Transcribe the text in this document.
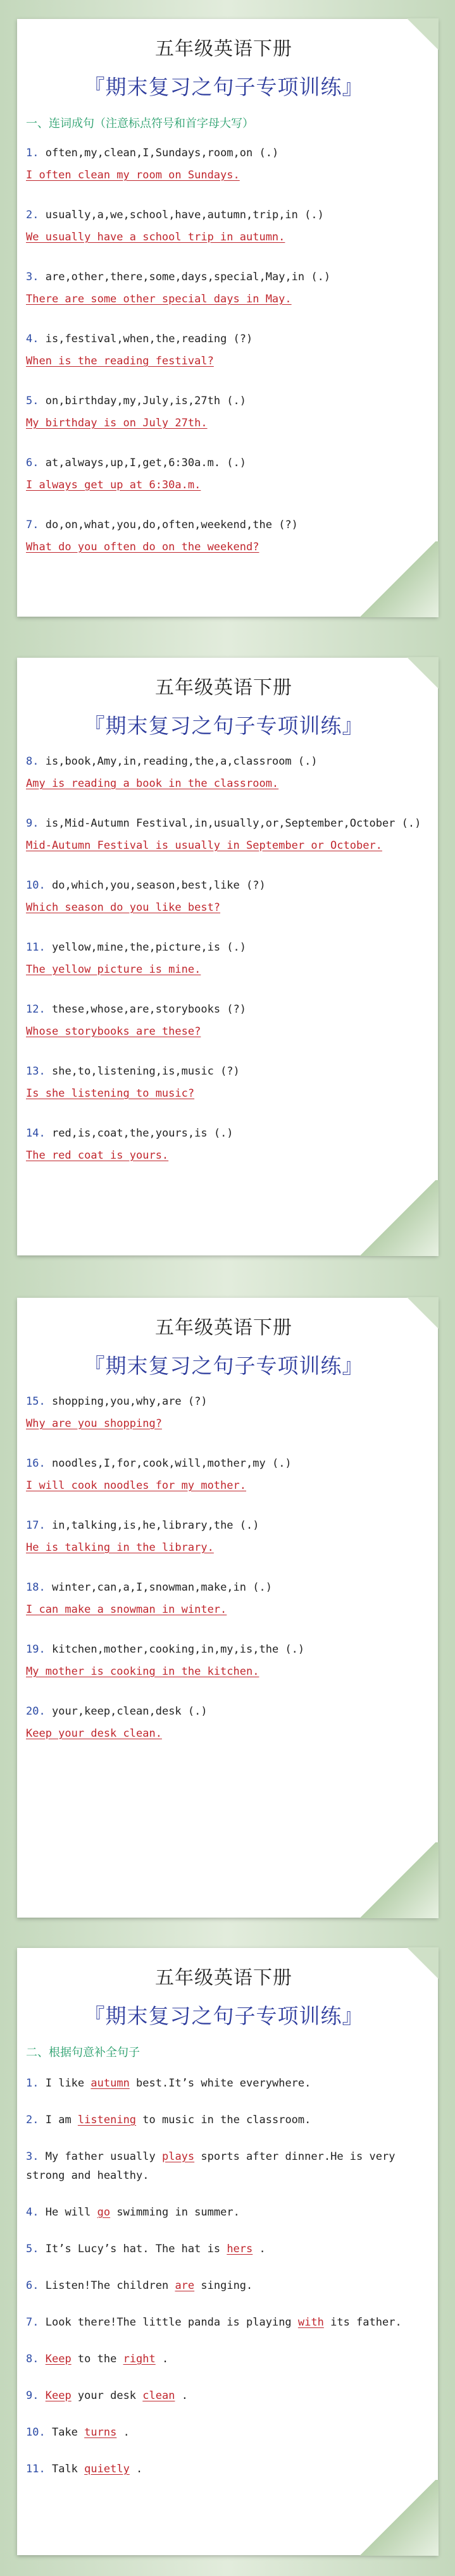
五年级英语下册
『期末复习之句子专项训练』
一、连词成句（注意标点符号和首字母大写）
1. often,my,clean,I,Sundays,room,on (.)
I often clean my room on Sundays.
2. usually,a,we,school,have,autumn,trip,in (.)
We usually have a school trip in autumn.
3. are,other,there,some,days,special,May,in (.)
There are some other special days in May.
4. is,festival,when,the,reading (?)
When is the reading festival?
5. on,birthday,my,July,is,27th (.)
My birthday is on July 27th.
6. at,always,up,I,get,6:30a.m. (.)
I always get up at 6:30a.m.
7. do,on,what,you,do,often,weekend,the (?)
What do you often do on the weekend?
五年级英语下册
『期末复习之句子专项训练』
8. is,book,Amy,in,reading,the,a,classroom (.)
Amy is reading a book in the classroom.
9. is,Mid-Autumn Festival,in,usually,or,September,October (.)
Mid-Autumn Festival is usually in September or October.
10. do,which,you,season,best,like (?)
Which season do you like best?
11. yellow,mine,the,picture,is (.)
The yellow picture is mine.
12. these,whose,are,storybooks (?)
Whose storybooks are these?
13. she,to,listening,is,music (?)
Is she listening to music?
14. red,is,coat,the,yours,is (.)
The red coat is yours.
五年级英语下册
『期末复习之句子专项训练』
15. shopping,you,why,are (?)
Why are you shopping?
16. noodles,I,for,cook,will,mother,my (.)
I will cook noodles for my mother.
17. in,talking,is,he,library,the (.)
He is talking in the library.
18. winter,can,a,I,snowman,make,in (.)
I can make a snowman in winter.
19. kitchen,mother,cooking,in,my,is,the (.)
My mother is cooking in the kitchen.
20. your,keep,clean,desk (.)
Keep your desk clean.
五年级英语下册
『期末复习之句子专项训练』
二、根据句意补全句子
1. I like autumn best.It’s white everywhere.
2. I am listening to music in the classroom.
3. My father usually plays sports after dinner.He is very strong and healthy.
4. He will go swimming in summer.
5. It’s Lucy’s hat. The hat is hers .
6. Listen!The children are singing.
7. Look there!The little panda is playing with its father.
8. Keep to the right .
9. Keep your desk clean .
10. Take turns .
11. Talk quietly .
